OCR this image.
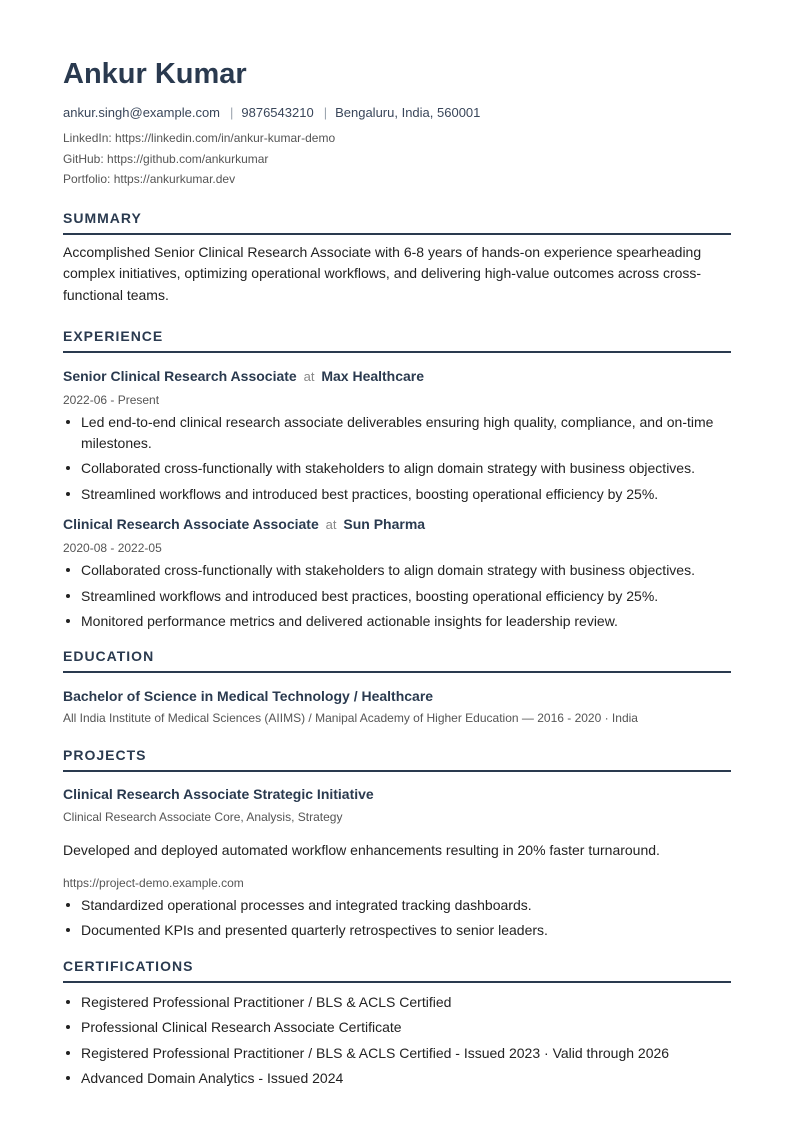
Ankur Kumar
ankur.singh@example.com | 9876543210 | Bengaluru, India, 560001
LinkedIn: https://linkedin.com/in/ankur-kumar-demo
GitHub: https://github.com/ankurkumar
Portfolio: https://ankurkumar.dev
SUMMARY
Accomplished Senior Clinical Research Associate with 6-8 years of hands-on experience spearheading complex initiatives, optimizing operational workflows, and delivering high-value outcomes across cross-functional teams.
EXPERIENCE
Senior Clinical Research Associate at Max Healthcare
2022-06 - Present
Led end-to-end clinical research associate deliverables ensuring high quality, compliance, and on-time milestones.
Collaborated cross-functionally with stakeholders to align domain strategy with business objectives.
Streamlined workflows and introduced best practices, boosting operational efficiency by 25%.
Clinical Research Associate Associate at Sun Pharma
2020-08 - 2022-05
Collaborated cross-functionally with stakeholders to align domain strategy with business objectives.
Streamlined workflows and introduced best practices, boosting operational efficiency by 25%.
Monitored performance metrics and delivered actionable insights for leadership review.
EDUCATION
Bachelor of Science in Medical Technology / Healthcare
All India Institute of Medical Sciences (AIIMS) / Manipal Academy of Higher Education — 2016 - 2020 · India
PROJECTS
Clinical Research Associate Strategic Initiative
Clinical Research Associate Core, Analysis, Strategy
Developed and deployed automated workflow enhancements resulting in 20% faster turnaround.
https://project-demo.example.com
Standardized operational processes and integrated tracking dashboards.
Documented KPIs and presented quarterly retrospectives to senior leaders.
CERTIFICATIONS
Registered Professional Practitioner / BLS & ACLS Certified
Professional Clinical Research Associate Certificate
Registered Professional Practitioner / BLS & ACLS Certified - Issued 2023 · Valid through 2026
Advanced Domain Analytics - Issued 2024
